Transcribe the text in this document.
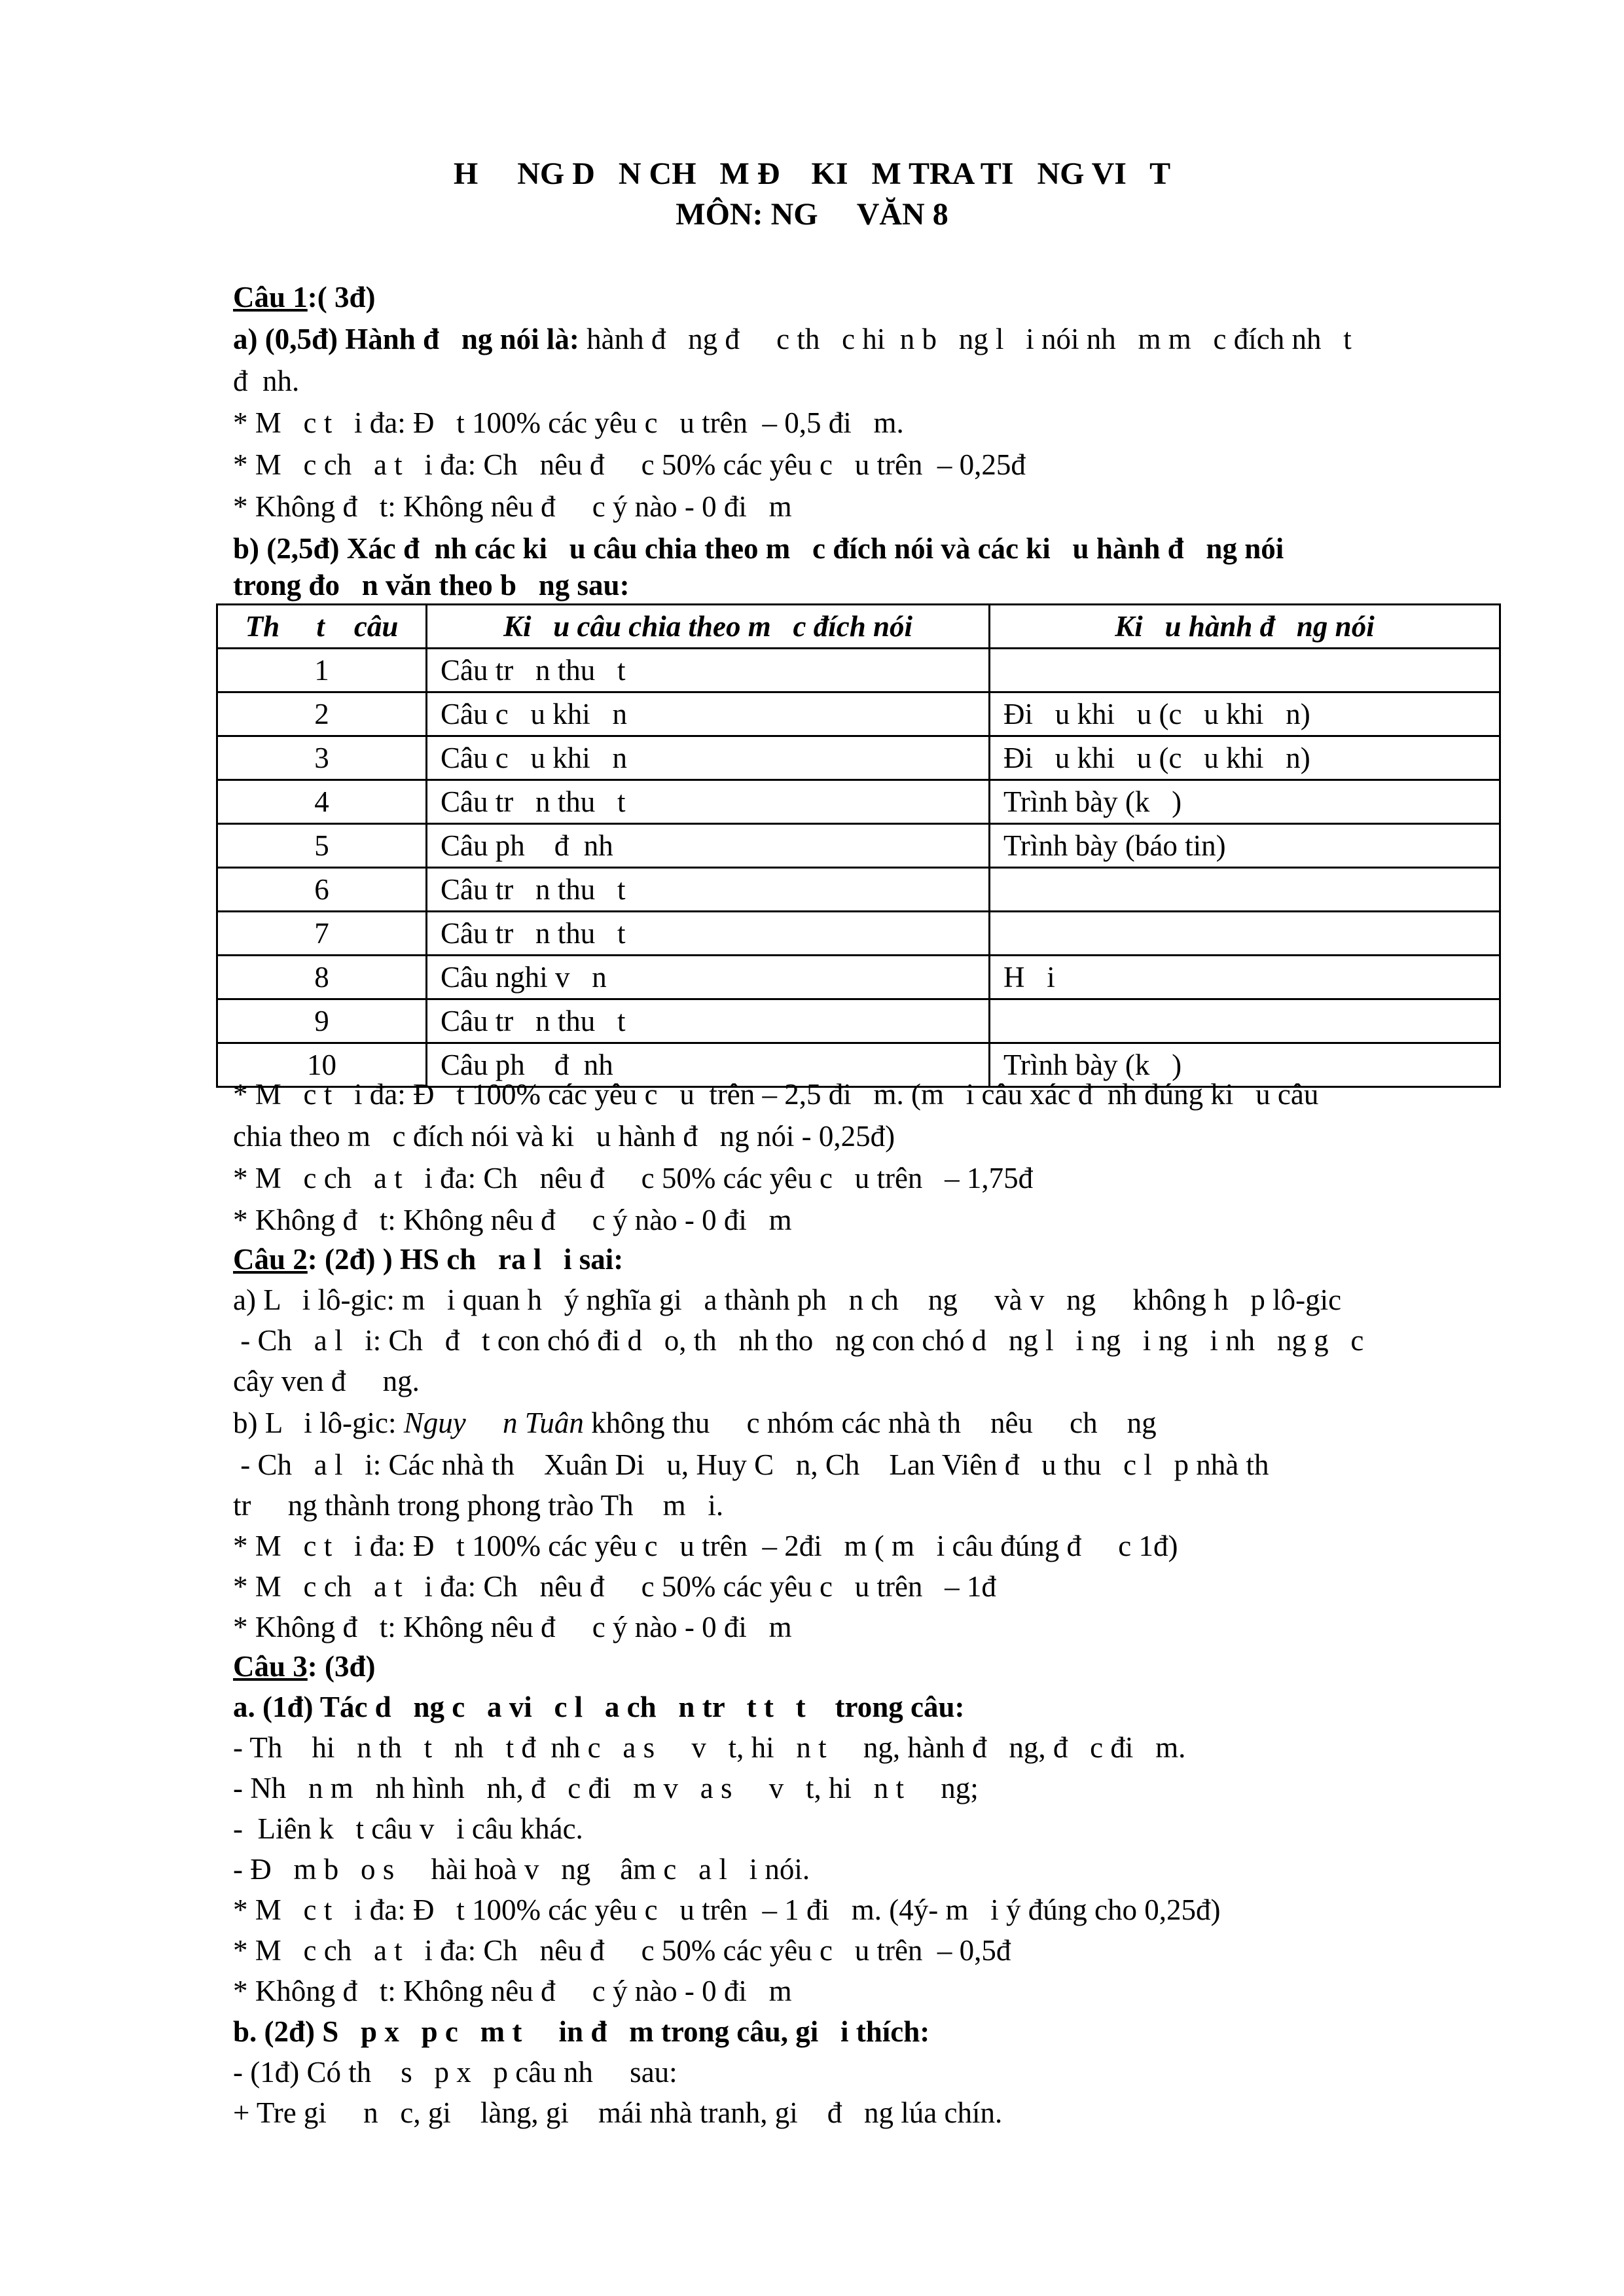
H     NG D   N CH   M Đ    KI   M TRA TI   NG VI   T
MÔN: NG     VĂN 8
Câu 1:( 3đ)
a) (0,5đ) Hành đ   ng nói là: hành đ   ng đ     c th   c hi  n b   ng l   i nói nh   m m   c đích nh   t
đ  nh.
* M   c t   i đa: Đ   t 100% các yêu c   u trên  – 0,5 đi   m.
* M   c ch   a t   i đa: Ch   nêu đ     c 50% các yêu c   u trên  – 0,25đ
* Không đ   t: Không nêu đ     c ý nào - 0 đi   m
b) (2,5đ) Xác đ  nh các ki   u câu chia theo m   c đích nói và các ki   u hành đ   ng nói
trong đo   n văn theo b   ng sau:
Th     t    câu	Ki   u câu chia theo m   c đích nói	Ki   u hành đ   ng nói
1	Câu tr   n thu   t	
2	Câu c   u khi   n	Đi   u khi   u (c   u khi   n)
3	Câu c   u khi   n	Đi   u khi   u (c   u khi   n)
4	Câu tr   n thu   t	Trình bày (k   )
5	Câu ph    đ  nh	Trình bày (báo tin)
6	Câu tr   n thu   t	
7	Câu tr   n thu   t	
8	Câu nghi v   n	H   i
9	Câu tr   n thu   t	
10	Câu ph    đ  nh	Trình bày (k   )
* M   c t   i đa: Đ   t 100% các yêu c   u  trên – 2,5 đi   m. (m   i câu xác đ  nh đúng ki   u câu
chia theo m   c đích nói và ki   u hành đ   ng nói - 0,25đ)
* M   c ch   a t   i đa: Ch   nêu đ     c 50% các yêu c   u trên   – 1,75đ
* Không đ   t: Không nêu đ     c ý nào - 0 đi   m
Câu 2: (2đ) ) HS ch   ra l   i sai:
a) L   i lô-gic: m   i quan h   ý nghĩa gi   a thành ph   n ch    ng     và v   ng     không h   p lô-gic
- Ch   a l   i: Ch   đ   t con chó đi d   o, th   nh tho   ng con chó d   ng l   i ng   i ng   i nh   ng g   c
cây ven đ     ng.
b) L   i lô-gic: Nguy     n Tuân không thu     c nhóm các nhà th    nêu     ch    ng
- Ch   a l   i: Các nhà th    Xuân Di   u, Huy C   n, Ch    Lan Viên đ   u thu   c l   p nhà th
tr     ng thành trong phong trào Th    m   i.
* M   c t   i đa: Đ   t 100% các yêu c   u trên  – 2đi   m ( m   i câu đúng đ     c 1đ)
* M   c ch   a t   i đa: Ch   nêu đ     c 50% các yêu c   u trên   – 1đ
* Không đ   t: Không nêu đ     c ý nào - 0 đi   m
Câu 3: (3đ)
a. (1đ) Tác d   ng c   a vi   c l   a ch   n tr   t t   t    trong câu:
- Th    hi   n th   t   nh   t đ  nh c   a s     v   t, hi   n t     ng, hành đ   ng, đ   c đi   m.
- Nh   n m   nh hình   nh, đ   c đi   m v   a s     v   t, hi   n t     ng;
-  Liên k   t câu v   i câu khác.
- Đ   m b   o s     hài hoà v   ng    âm c   a l   i nói.
* M   c t   i đa: Đ   t 100% các yêu c   u trên  – 1 đi   m. (4ý- m   i ý đúng cho 0,25đ)
* M   c ch   a t   i đa: Ch   nêu đ     c 50% các yêu c   u trên  – 0,5đ
* Không đ   t: Không nêu đ     c ý nào - 0 đi   m
b. (2đ) S   p x   p c   m t     in đ   m trong câu, gi   i thích:
- (1đ) Có th    s   p x   p câu nh     sau:
+ Tre gi     n   c, gi    làng, gi    mái nhà tranh, gi    đ   ng lúa chín.
